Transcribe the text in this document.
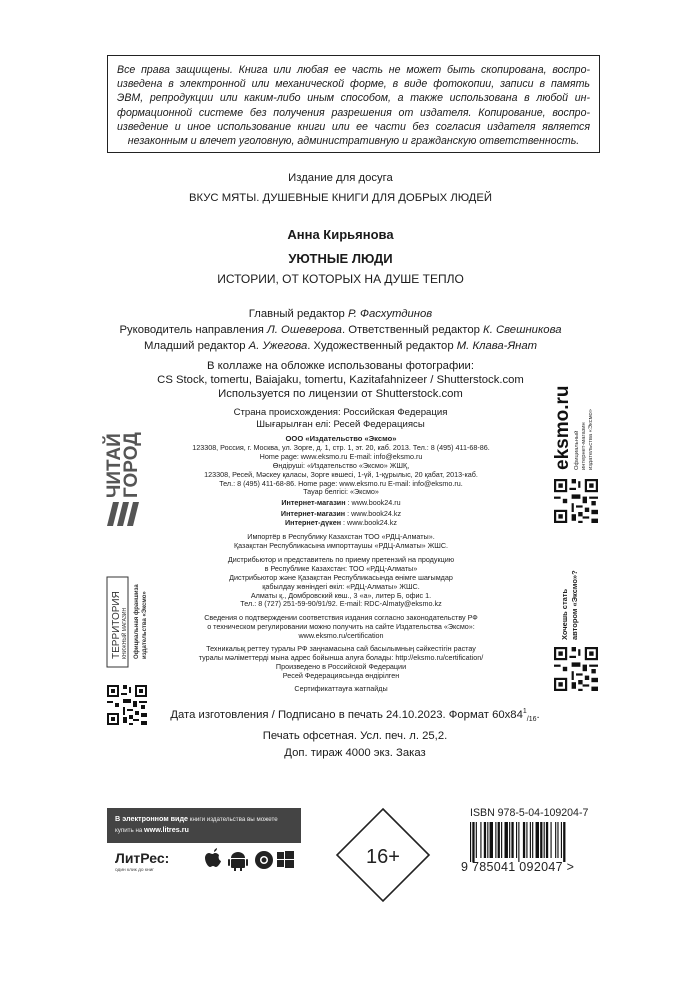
Все права защищены. Книга или любая ее часть не может быть скопирована, воспро-
изведена в электронной или механической форме, в виде фотокопии, записи в память
ЭВМ, репродукции или каким-либо иным способом, а также использована в любой ин-
формационной системе без получения разрешения от издателя. Копирование, воспро-
изведение и иное использование книги или ее части без согласия издателя является
незаконным и влечет уголовную, административную и гражданскую ответственность.
Издание для досуга
ВКУС МЯТЫ. ДУШЕВНЫЕ КНИГИ ДЛЯ ДОБРЫХ ЛЮДЕЙ
Анна Кирьянова
УЮТНЫЕ ЛЮДИ
ИСТОРИИ, ОТ КОТОРЫХ НА ДУШЕ ТЕПЛО
Главный редактор Р. Фасхутдинов
Руководитель направления Л. Ошеверова. Ответственный редактор К. Свешникова
Младший редактор А. Ужегова. Художественный редактор М. Клава-Янат
В коллаже на обложке использованы фотографии:
CS Stock, tomertu, Baiajaku, tomertu, Kazitafahnizeer / Shutterstock.com
Используется по лицензии от Shutterstock.com
Страна происхождения: Российская Федерация
Шығарылған елі: Ресей Федерациясы
ООО «Издательство «Эксмо»
123308, Россия, г. Москва, ул. Зорге, д. 1, стр. 1, эт. 20, каб. 2013. Тел.: 8 (495) 411-68-86.
Home page: www.eksmo.ru E-mail: info@eksmo.ru
Өндіруші: «Издательство «Эксмо» ЖШҚ,
123308, Ресей, Мәскеу қаласы, Зорге көшесі, 1-үй, 1-құрылыс, 20 қабат, 2013-каб.
Тел.: 8 (495) 411-68-86. Home page: www.eksmo.ru E-mail: info@eksmo.ru.
Тауар белгісі: «Эксмо»
Интернет-магазин : www.book24.ru
Интернет-магазин : www.book24.kz
Интернет-дүкен : www.book24.kz
Импортёр в Республику Казахстан ТОО «РДЦ-Алматы».
Қазақстан Республикасына импорттаушы «РДЦ-Алматы» ЖШС.
Дистрибьютор и представитель по приему претензий на продукцию
в Республике Казахстан: ТОО «РДЦ-Алматы»
Дистрибьютор және Қазақстан Республикасында өнімге шағымдар
қабылдау жөніндегі өкіл: «РДЦ-Алматы» ЖШС.
Алматы қ., Домбровский көш., 3 «а», литер Б, офис 1.
Тел.: 8 (727) 251-59-90/91/92. E-mail: RDC-Almaty@eksmo.kz
Сведения о подтверждении соответствия издания согласно законодательству РФ
о техническом регулировании можно получить на сайте Издательства «Эксмо»:
www.eksmo.ru/certification
Техникалық реттеу туралы РФ заңнамасына сай басылымның сәйкестігін растау
туралы мәліметтерді мына адрес бойынша алуға болады: http://eksmo.ru/certification/
Произведено в Российской Федерации
Ресей Федерациясында өндірілген
Сертификаттауға жатпайды
Дата изготовления / Подписано в печать 24.10.2023. Формат $60x84^1_{/16}$.
Печать офсетная. Усл. печ. л. 25,2.
Доп. тираж 4000 экз. Заказ
ЧИТАЙ
ГОРОД
ТЕРРИТОРИЯ КНИЖНЫЙ МАГАЗИН Официальная франшиза издательства «Эксмо»
eksmo.ru Официальный интернет-магазин издательства «Эксмо»
Хочешь стать автором «Эксмо»?
В электронном виде книги издательства вы можете
купить на www.litres.ru
ЛитРес:
один клик до книг
16+
ISBN 978-5-04-109204-7
9 785041 092047 >
